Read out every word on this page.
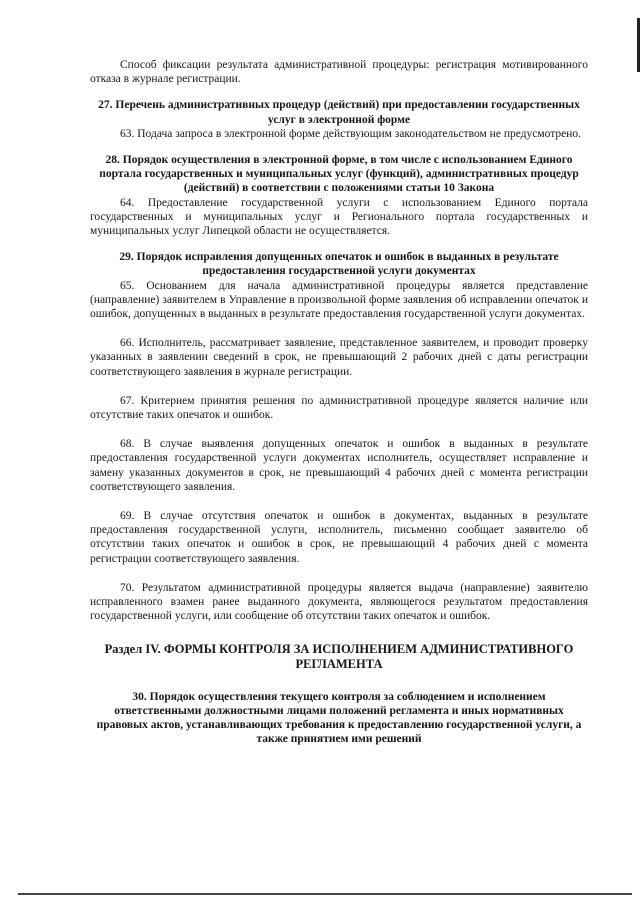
Способ фиксации результата административной процедуры: регистрация мотивированного отказа в журнале регистрации.

27. Перечень административных процедур (действий) при предоставлении государственных услуг в электронной форме

63. Подача запроса в электронной форме действующим законодательством не предусмотрено.

28. Порядок осуществления в электронной форме, в том числе с использованием Единого портала государственных и муниципальных услуг (функций), административных процедур (действий) в соответствии с положениями статьи 10 Закона

64. Предоставление государственной услуги с использованием Единого портала государственных и муниципальных услуг и Регионального портала государственных и муниципальных услуг Липецкой области не осуществляется.

29. Порядок исправления допущенных опечаток и ошибок в выданных в результате предоставления государственной услуги документах

65. Основанием для начала административной процедуры является представление (направление) заявителем в Управление в произвольной форме заявления об исправлении опечаток и ошибок, допущенных в выданных в результате предоставления государственной услуги документах.

66. Исполнитель, рассматривает заявление, представленное заявителем, и проводит проверку указанных в заявлении сведений в срок, не превышающий 2 рабочих дней с даты регистрации соответствующего заявления в журнале регистрации.

67. Критерием принятия решения по административной процедуре является наличие или отсутствие таких опечаток и ошибок.

68. В случае выявления допущенных опечаток и ошибок в выданных в результате предоставления государственной услуги документах исполнитель, осуществляет исправление и замену указанных документов в срок, не превышающий 4 рабочих дней с момента регистрации соответствующего заявления.

69. В случае отсутствия опечаток и ошибок в документах, выданных в результате предоставления государственной услуги, исполнитель, письменно сообщает заявителю об отсутствии таких опечаток и ошибок в срок, не превышающий 4 рабочих дней с момента регистрации соответствующего заявления.

70. Результатом административной процедуры является выдача (направление) заявителю исправленного взамен ранее выданного документа, являющегося результатом предоставления государственной услуги, или сообщение об отсутствии таких опечаток и ошибок.

Раздел IV. ФОРМЫ КОНТРОЛЯ ЗА ИСПОЛНЕНИЕМ АДМИНИСТРАТИВНОГО РЕГЛАМЕНТА
30. Порядок осуществления текущего контроля за соблюдением и исполнением ответственными должностными лицами положений регламента и иных нормативных правовых актов, устанавливающих требования к предоставлению государственной услуги, а также принятием ими решений
